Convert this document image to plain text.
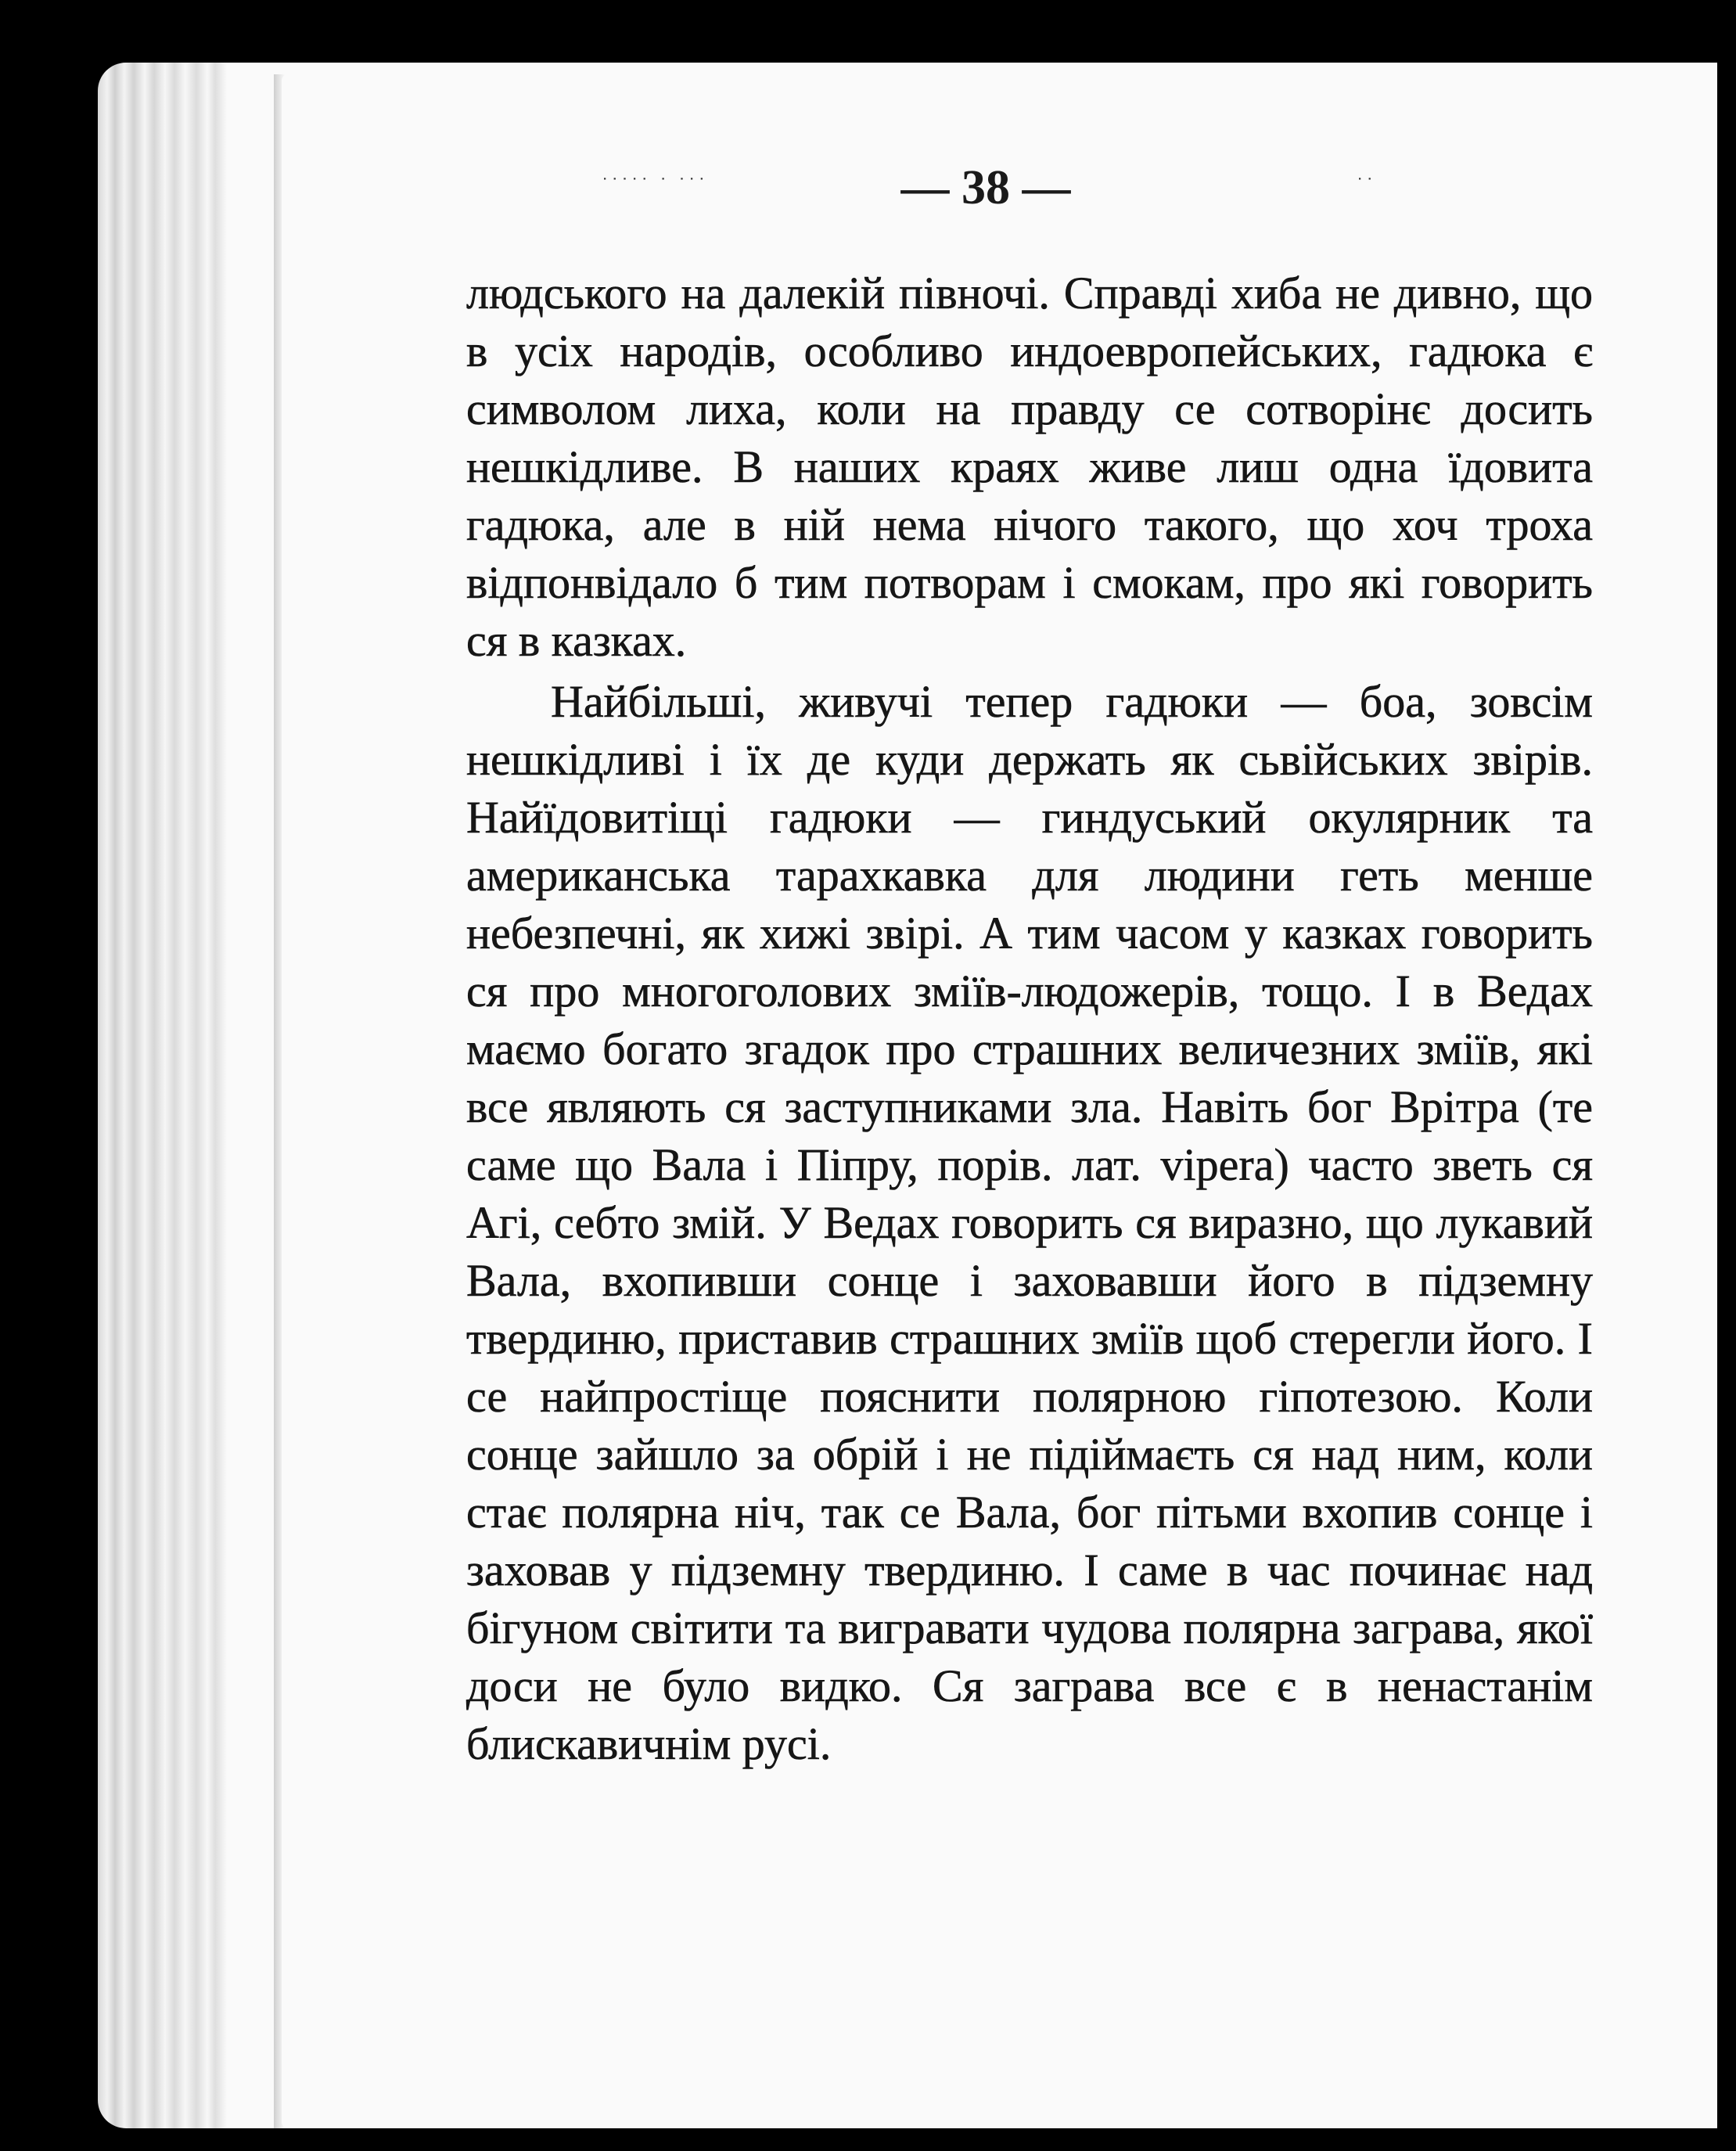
˙˙˙˙˙ ˙ ˙˙˙	˙˙
— 38 —

людського на далекій півночі. Справді хиба не дивно, що в усіх народів, особливо индоевропейських, гадюка є символом лиха, коли на правду се сотворінє досить нешкідливе. В наших краях живе лиш одна їдовита гадюка, але в ній нема нічого такого, що хоч троха відпонвідало б тим потворам і смокам, про які говорить ся в казках.

Найбільші, живучі тепер гадюки — боа, зовсім нешкідливі і їх де куди держать як сьвійських звірів. Найїдовитіщі гадюки — гиндуський окулярник та американська тарахкавка для людини геть менше небезпечні, як хижі звірі. А тим часом у казках говорить ся про многоголових зміїв-людожерів, тощо. І в Ведах маємо богато згадок про страшних величезних зміїв, які все являють ся заступниками зла. Навіть бог Врітра (те саме що Вала і Піпру, порів. лат. vipera) часто зветь ся Агі, себто змій. У Ведах говорить ся виразно, що лукавий Вала, вхопивши сонце і заховавши його в підземну твердиню, приставив страшних зміїв щоб стерегли його. І се найпростіще пояснити полярною гіпотезою. Коли сонце зайшло за обрій і не підіймаєть ся над ним, коли стає полярна ніч, так се Вала, бог пітьми вхопив сонце і заховав у підземну твердиню. І саме в час починає над бігуном світити та вигравати чудова полярна заграва, якої доси не було видко. Ся заграва все є в ненастанім блискавичнім русі.
